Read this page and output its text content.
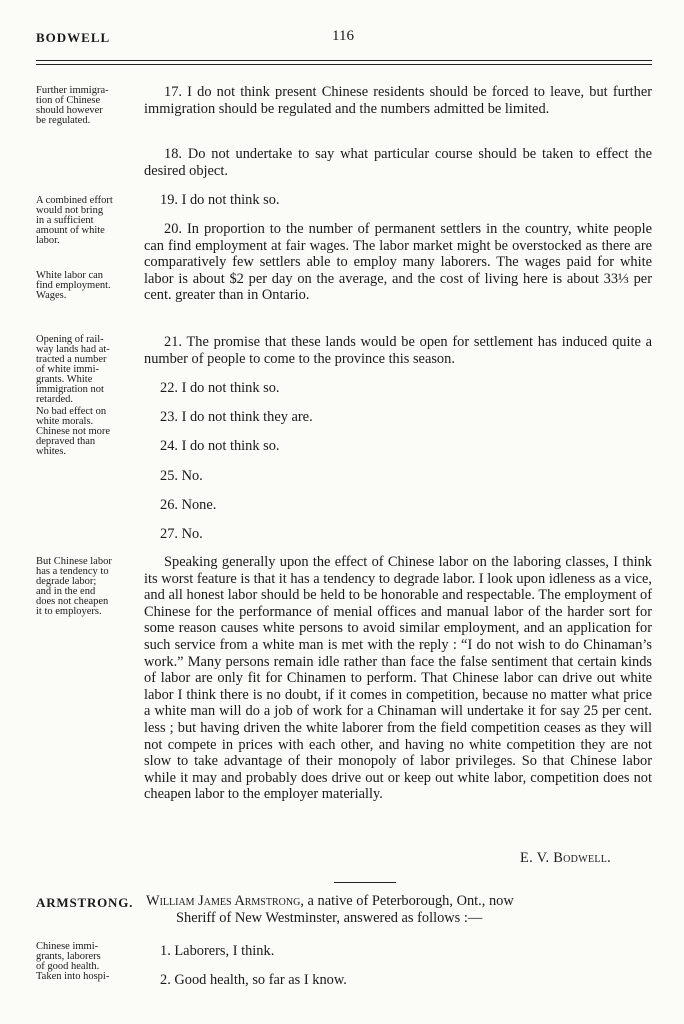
BODWELL	116
Further immigra-
tion of Chinese
should however
be regulated.
A combined effort
would not bring
in a sufficient
amount of white
labor.
White labor can
find employment.
Wages.
Opening of rail-
way lands had at-
tracted a number
of white immi-
grants. White
immigration not
retarded.
No bad effect on
white morals.
Chinese not more
depraved than
whites.
But Chinese labor
has a tendency to
degrade labor;
and in the end
does not cheapen
it to employers.
Chinese immi-
grants, laborers
of good health.
Taken into hospi-
17. I do not think present Chinese residents should be forced to leave, but further immigration should be regulated and the numbers admitted be limited.
18. Do not undertake to say what particular course should be taken to effect the desired object.
19. I do not think so.
20. In proportion to the number of permanent settlers in the country, white people can find employment at fair wages. The labor market might be overstocked as there are comparatively few settlers able to employ many laborers. The wages paid for white labor is about $2 per day on the average, and the cost of living here is about 33⅓ per cent. greater than in Ontario.
21. The promise that these lands would be open for settlement has induced quite a number of people to come to the province this season.
22. I do not think so.
23. I do not think they are.
24. I do not think so.
25. No.
26. None.
27. No.
Speaking generally upon the effect of Chinese labor on the laboring classes, I think its worst feature is that it has a tendency to degrade labor. I look upon idleness as a vice, and all honest labor should be held to be honorable and respectable. The employment of Chinese for the performance of menial offices and manual labor of the harder sort for some reason causes white persons to avoid similar employment, and an application for such service from a white man is met with the reply : “I do not wish to do Chinaman’s work.” Many persons remain idle rather than face the false sentiment that certain kinds of labor are only fit for Chinamen to perform. That Chinese labor can drive out white labor I think there is no doubt, if it comes in competition, because no matter what price a white man will do a job of work for a Chinaman will undertake it for say 25 per cent. less ; but having driven the white laborer from the field competition ceases as they will not compete in prices with each other, and having no white competition they are not slow to take advantage of their monopoly of labor privileges. So that Chinese labor while it may and probably does drive out or keep out white labor, competition does not cheapen labor to the employer materially.
E. V. Bodwell.
ARMSTRONG. William James Armstrong, a native of Peterborough, Ont., now
Sheriff of New Westminster, answered as follows :—
1. Laborers, I think.
2. Good health, so far as I know.
